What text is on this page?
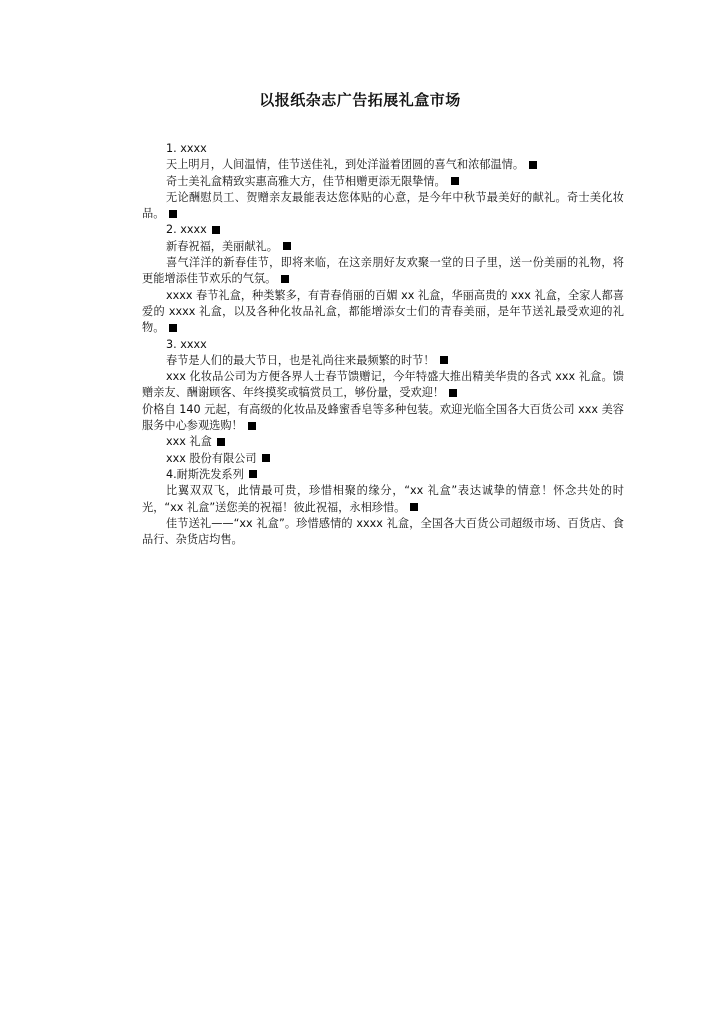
以报纸杂志广告拓展礼盒市场

1. xxxx

天上明月，人间温情，佳节送佳礼，到处洋溢着团圆的喜气和浓郁温情。

奇士美礼盒精致实惠高雅大方，佳节相赠更添无限挚情。

无论酬慰员工、贺赠亲友最能表达您体贴的心意，是今年中秋节最美好的献礼。奇士美化妆品。

2. xxxx

新春祝福，美丽献礼。

喜气洋洋的新春佳节，即将来临，在这亲朋好友欢聚一堂的日子里，送一份美丽的礼物，将更能增添佳节欢乐的气氛。

xxxx 春节礼盒，种类繁多，有青春俏丽的百媚 xx 礼盒，华丽高贵的 xxx 礼盒，全家人都喜爱的 xxxx 礼盒，以及各种化妆品礼盒，都能增添女士们的青春美丽，是年节送礼最受欢迎的礼物。

3. xxxx

春节是人们的最大节日，也是礼尚往来最频繁的时节！

xxx 化妆品公司为方便各界人士春节馈赠记，今年特盛大推出精美华贵的各式 xxx 礼盒。馈赠亲友、酬谢顾客、年终摸奖或犒赏员工，够份量，受欢迎！

价格自 140 元起，有高级的化妆品及蜂蜜香皂等多种包装。欢迎光临全国各大百货公司 xxx 美容服务中心参观选购！

xxx 礼盒

xxx 股份有限公司

4.耐斯洗发系列

比翼双双飞，此情最可贵，珍惜相聚的缘分，“xx 礼盒”表达诚挚的情意！怀念共处的时光，“xx 礼盒”送您美的祝福！彼此祝福，永相珍惜。

佳节送礼——“xx 礼盒”。珍惜感情的 xxxx 礼盒，全国各大百货公司超级市场、百货店、食品行、杂货店均售。
